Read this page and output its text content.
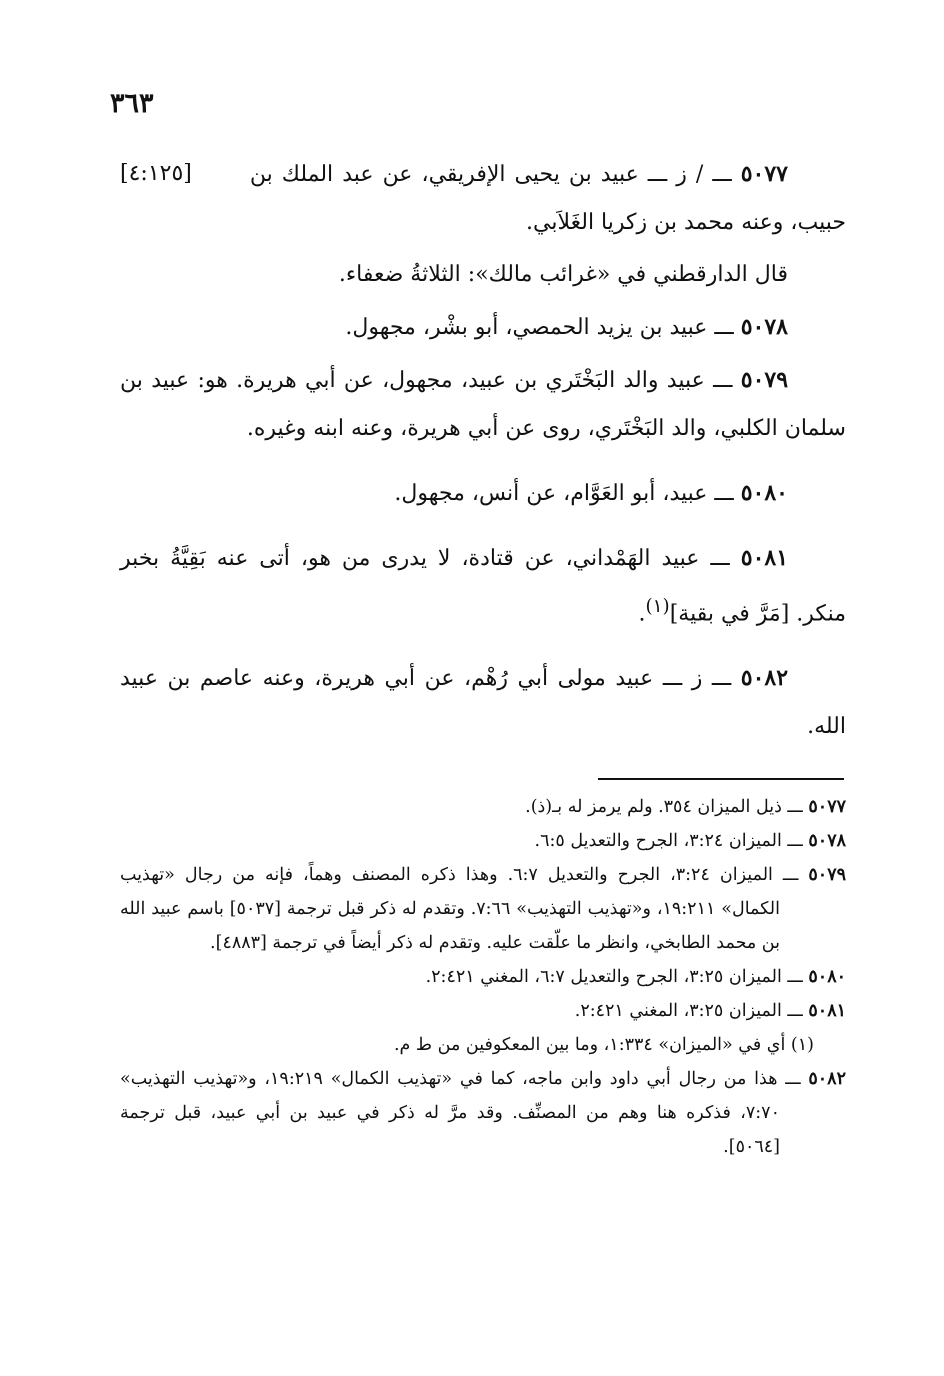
٣٦٣

[٤:١٢٥]	٥٠٧٧ ـــ / ز ـــ عبيد بن يحيى الإفريقي، عن عبد الملك بن حبيب، وعنه محمد بن زكريا الغَلاَبي.

قال الدارقطني في «غرائب مالك»: الثلاثةُ ضعفاء.

٥٠٧٨ ـــ عبيد بن يزيد الحمصي، أبو بشْر، مجهول.

٥٠٧٩ ـــ عبيد والد البَخْتَري بن عبيد، مجهول، عن أبي هريرة. هو: عبيد بن سلمان الكلبي، والد البَخْتَري، روى عن أبي هريرة، وعنه ابنه وغيره.

٥٠٨٠ ـــ عبيد، أبو العَوَّام، عن أنس، مجهول.

٥٠٨١ ـــ عبيد الهَمْداني، عن قتادة، لا يدرى من هو، أتى عنه بَقِيَّةُ بخبر منكر. [مَرَّ في بقية]$^{(١)}$.

٥٠٨٢ ـــ ز ـــ عبيد مولى أبي رُهْم، عن أبي هريرة، وعنه عاصم بن عبيد الله.

٥٠٧٧ ـــ ذيل الميزان ٣٥٤. ولم يرمز له بـ(ذ).

٥٠٧٨ ـــ الميزان ٣:٢٤، الجرح والتعديل ٦:٥.

٥٠٧٩ ـــ الميزان ٣:٢٤، الجرح والتعديل ٦:٧. وهذا ذكره المصنف وهماً، فإنه من رجال «تهذيب الكمال» ١٩:٢١١، و«تهذيب التهذيب» ٧:٦٦. وتقدم له ذكر قبل ترجمة [٥٠٣٧] باسم عبيد الله بن محمد الطابخي، وانظر ما علّقت عليه. وتقدم له ذكر أيضاً في ترجمة [٤٨٨٣].

٥٠٨٠ ـــ الميزان ٣:٢٥، الجرح والتعديل ٦:٧، المغني ٢:٤٢١.

٥٠٨١ ـــ الميزان ٣:٢٥، المغني ٢:٤٢١.

(١) أي في «الميزان» ١:٣٣٤، وما بين المعكوفين من ط م.

٥٠٨٢ ـــ هذا من رجال أبي داود وابن ماجه، كما في «تهذيب الكمال» ١٩:٢١٩، و«تهذيب التهذيب» ٧:٧٠، فذكره هنا وهم من المصنِّف. وقد مرَّ له ذكر في عبيد بن أبي عبيد، قبل ترجمة [٥٠٦٤].
